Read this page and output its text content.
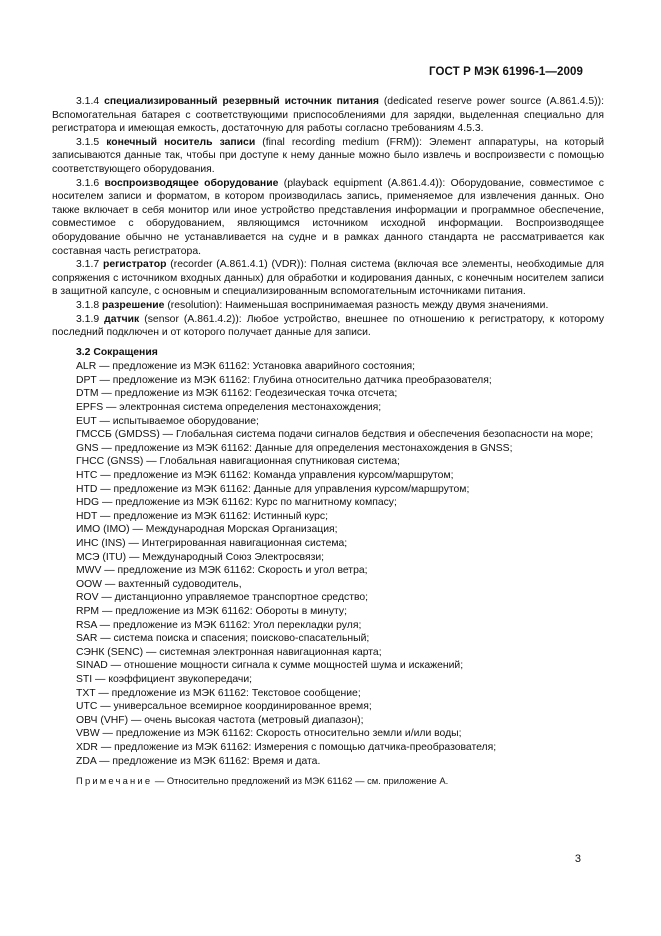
ГОСТ Р МЭК 61996-1—2009

3.1.4 специализированный резервный источник питания (dedicated reserve power source (A.861.4.5)): Вспомогательная батарея с соответствующими приспособлениями для зарядки, выделенная специально для регистратора и имеющая емкость, достаточную для работы согласно требованиям 4.5.3.

3.1.5 конечный носитель записи (final recording medium (FRM)): Элемент аппаратуры, на который записываются данные так, чтобы при доступе к нему данные можно было извлечь и воспроизвести с помощью соответствующего оборудования.

3.1.6 воспроизводящее оборудование (playback equipment (A.861.4.4)): Оборудование, совместимое с носителем записи и форматом, в котором производилась запись, применяемое для извлечения данных. Оно также включает в себя монитор или иное устройство представления информации и программное обеспечение, совместимое с оборудованием, являющимся источником исходной информации. Воспроизводящее оборудование обычно не устанавливается на судне и в рамках данного стандарта не рассматривается как составная часть регистратора.

3.1.7 регистратор (recorder (A.861.4.1) (VDR)): Полная система (включая все элементы, необходимые для сопряжения с источником входных данных) для обработки и кодирования данных, с конечным носителем записи в защитной капсуле, с основным и специализированным вспомогательным источниками питания.

3.1.8 разрешение (resolution): Наименьшая воспринимаемая разность между двумя значениями.

3.1.9 датчик (sensor (A.861.4.2)): Любое устройство, внешнее по отношению к регистратору, к которому последний подключен и от которого получает данные для записи.

3.2 Сокращения
ALR — предложение из МЭК 61162: Установка аварийного состояния;
DPT — предложение из МЭК 61162: Глубина относительно датчика преобразователя;
DTM — предложение из МЭК 61162: Геодезическая точка отсчета;
EPFS — электронная система определения местонахождения;
EUT — испытываемое оборудование;
ГМССБ (GMDSS) — Глобальная система подачи сигналов бедствия и обеспечения безопасности на море;
GNS — предложение из МЭК 61162: Данные для определения местонахождения в GNSS;
ГНСС (GNSS) — Глобальная навигационная спутниковая система;
HTC — предложение из МЭК 61162: Команда управления курсом/маршрутом;
HTD — предложение из МЭК 61162: Данные для управления курсом/маршрутом;
HDG — предложение из МЭК 61162: Курс по магнитному компасу;
HDT — предложение из МЭК 61162: Истинный курс;
ИМО (IMO) — Международная Морская Организация;
ИНС (INS) — Интегрированная навигационная система;
МСЭ (ITU) — Международный Союз Электросвязи;
MWV — предложение из МЭК 61162: Скорость и угол ветра;
OOW — вахтенный судоводитель,
ROV — дистанционно управляемое транспортное средство;
RPM — предложение из МЭК 61162: Обороты в минуту;
RSA — предложение из МЭК 61162: Угол перекладки руля;
SAR — система поиска и спасения; поисково-спасательный;
СЭНК (SENC) — системная электронная навигационная карта;
SINAD — отношение мощности сигнала к сумме мощностей шума и искажений;
STI — коэффициент звукопередачи;
TXT — предложение из МЭК 61162: Текстовое сообщение;
UTC — универсальное всемирное координированное время;
ОВЧ (VHF) — очень высокая частота (метровый диапазон);
VBW — предложение из МЭК 61162: Скорость относительно земли и/или воды;
XDR — предложение из МЭК 61162: Измерения с помощью датчика-преобразователя;
ZDA — предложение из МЭК 61162: Время и дата.
Примечание — Относительно предложений из МЭК 61162 — см. приложение А.
3
